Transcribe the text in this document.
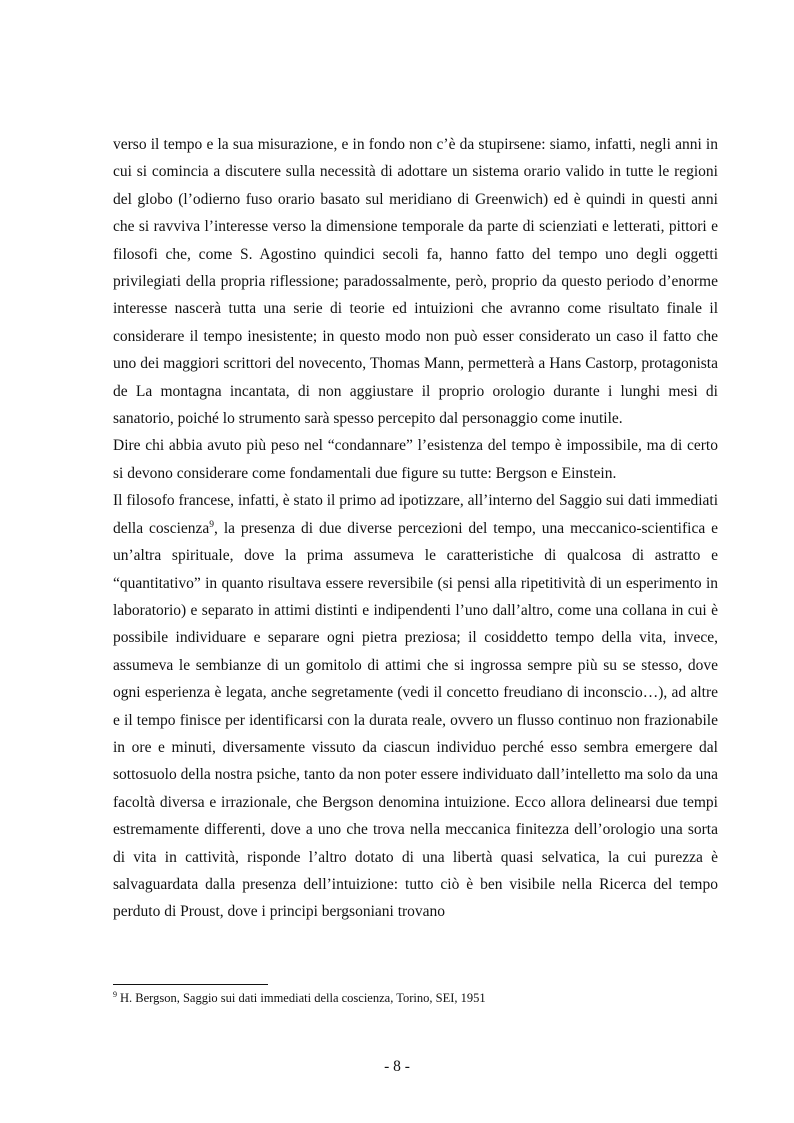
verso il tempo e la sua misurazione, e in fondo non c’è da stupirsene: siamo, infatti, negli anni in cui si comincia a discutere sulla necessità di adottare un sistema orario valido in tutte le regioni del globo (l’odierno fuso orario basato sul meridiano di Greenwich) ed è quindi in questi anni che si ravviva l’interesse verso la dimensione temporale da parte di scienziati e letterati, pittori e filosofi che, come S. Agostino quindici secoli fa, hanno fatto del tempo uno degli oggetti privilegiati della propria riflessione; paradossalmente, però, proprio da questo periodo d’enorme interesse nascerà tutta una serie di teorie ed intuizioni che avranno come risultato finale il considerare il tempo inesistente; in questo modo non può esser considerato un caso il fatto che uno dei maggiori scrittori del novecento, Thomas Mann, permetterà a Hans Castorp, protagonista de La montagna incantata, di non aggiustare il proprio orologio durante i lunghi mesi di sanatorio, poiché lo strumento sarà spesso percepito dal personaggio come inutile.

Dire chi abbia avuto più peso nel “condannare” l’esistenza del tempo è impossibile, ma di certo si devono considerare come fondamentali due figure su tutte: Bergson e Einstein.

Il filosofo francese, infatti, è stato il primo ad ipotizzare, all’interno del Saggio sui dati immediati della coscienza$^9$, la presenza di due diverse percezioni del tempo, una meccanico-scientifica e un’altra spirituale, dove la prima assumeva le caratteristiche di qualcosa di astratto e “quantitativo” in quanto risultava essere reversibile (si pensi alla ripetitività di un esperimento in laboratorio) e separato in attimi distinti e indipendenti l’uno dall’altro, come una collana in cui è possibile individuare e separare ogni pietra preziosa; il cosiddetto tempo della vita, invece, assumeva le sembianze di un gomitolo di attimi che si ingrossa sempre più su se stesso, dove ogni esperienza è legata, anche segretamente (vedi il concetto freudiano di inconscio…), ad altre e il tempo finisce per identificarsi con la durata reale, ovvero un flusso continuo non frazionabile in ore e minuti, diversamente vissuto da ciascun individuo perché esso sembra emergere dal sottosuolo della nostra psiche, tanto da non poter essere individuato dall’intelletto ma solo da una facoltà diversa e irrazionale, che Bergson denomina intuizione. Ecco allora delinearsi due tempi estremamente differenti, dove a uno che trova nella meccanica finitezza dell’orologio una sorta di vita in cattività, risponde l’altro dotato di una libertà quasi selvatica, la cui purezza è salvaguardata dalla presenza dell’intuizione: tutto ciò è ben visibile nella Ricerca del tempo perduto di Proust, dove i principi bergsoniani trovano

$^9$ H. Bergson, Saggio sui dati immediati della coscienza, Torino, SEI, 1951
- 8 -
